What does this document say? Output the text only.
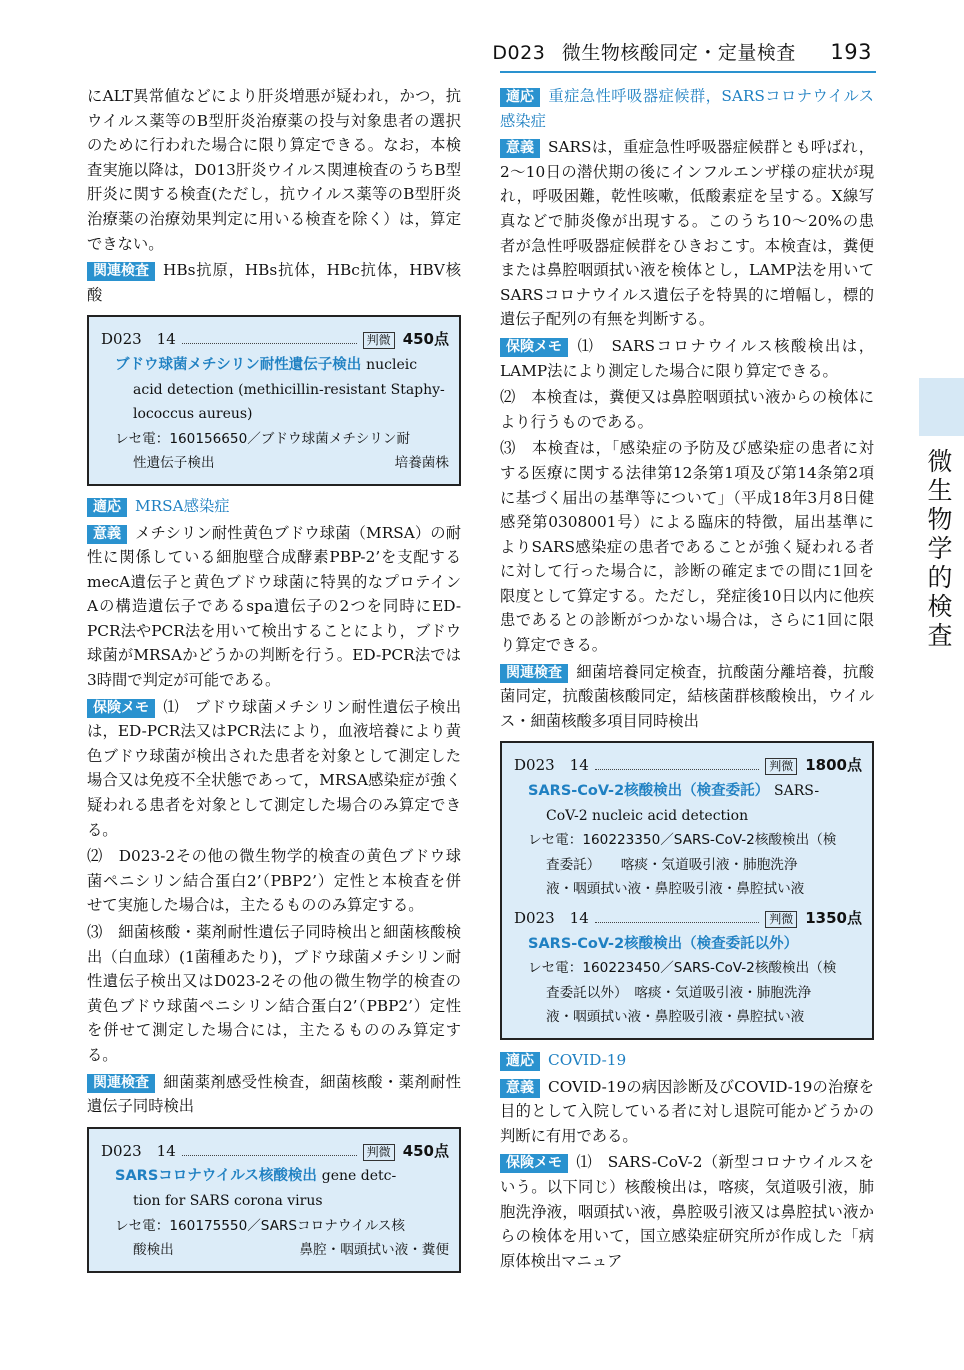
D023 微生物核酸同定・定量検査 193
微生物学的検査

にALT異常値などにより肝炎増悪が疑われ，かつ，抗ウイルス薬等のB型肝炎治療薬の投与対象患者の選択のために行われた場合に限り算定できる。なお，本検査実施以降は，D013肝炎ウイルス関連検査のうちB型肝炎に関する検査(ただし，抗ウイルス薬等のB型肝炎治療薬の治療効果判定に用いる検査を除く）は，算定できない。

関連検査 HBs抗原，HBs抗体，HBc抗体，HBV核酸

D023　14	判微 450点
ブドウ球菌メチシリン耐性遺伝子検出 nucleic
acid detection (methicillin-resistant Staphy-
lococcus aureus)
レセ電：160156650／ブドウ球菌メチシリン耐
性遺伝子検出	培養菌株

適応 MRSA感染症

意義 メチシリン耐性黄色ブドウ球菌（MRSA）の耐性に関係している細胞壁合成酵素PBP-2’を支配するmecA遺伝子と黄色ブドウ球菌に特異的なプロテインAの構造遺伝子であるspa遺伝子の2つを同時にED-PCR法やPCR法を用いて検出することにより，ブドウ球菌がMRSAかどうかの判断を行う。ED-PCR法では3時間で判定が可能である。

保険メモ ⑴　ブドウ球菌メチシリン耐性遺伝子検出は，ED-PCR法又はPCR法により，血液培養により黄色ブドウ球菌が検出された患者を対象として測定した場合又は免疫不全状態であって，MRSA感染症が強く疑われる患者を対象として測定した場合のみ算定できる。

⑵　D023-2その他の微生物学的検査の黄色ブドウ球菌ペニシリン結合蛋白2’（PBP2’）定性と本検査を併せて実施した場合は，主たるもののみ算定する。

⑶　細菌核酸・薬剤耐性遺伝子同時検出と細菌核酸検出（白血球）(1菌種あたり)，ブドウ球菌メチシリン耐性遺伝子検出又はD023-2その他の微生物学的検査の黄色ブドウ球菌ペニシリン結合蛋白2’（PBP2’）定性を併せて測定した場合には，主たるもののみ算定する。

関連検査 細菌薬剤感受性検査，細菌核酸・薬剤耐性遺伝子同時検出

D023　14	判微 450点
SARSコロナウイルス核酸検出 gene detc-
tion for SARS corona virus
レセ電：160175550／SARSコロナウイルス核
酸検出	鼻腔・咽頭拭い液・糞便

適応 重症急性呼吸器症候群，SARSコロナウイルス感染症

意義 SARSは，重症急性呼吸器症候群とも呼ばれ，2～10日の潜伏期の後にインフルエンザ様の症状が現れ，呼吸困難，乾性咳嗽，低酸素症を呈する。X線写真などで肺炎像が出現する。このうち10～20%の患者が急性呼吸器症候群をひきおこす。本検査は，糞便または鼻腔咽頭拭い液を検体とし，LAMP法を用いてSARSコロナウイルス遺伝子を特異的に増幅し，標的遺伝子配列の有無を判断する。

保険メモ ⑴　SARSコロナウイルス核酸検出は，LAMP法により測定した場合に限り算定できる。

⑵　本検査は，糞便又は鼻腔咽頭拭い液からの検体により行うものである。

⑶　本検査は，「感染症の予防及び感染症の患者に対する医療に関する法律第12条第1項及び第14条第2項に基づく届出の基準等について」（平成18年3月8日健感発第0308001号）による臨床的特徴，届出基準によりSARS感染症の患者であることが強く疑われる者に対して行った場合に，診断の確定までの間に1回を限度として算定する。ただし，発症後10日以内に他疾患であるとの診断がつかない場合は，さらに1回に限り算定できる。

関連検査 細菌培養同定検査，抗酸菌分離培養，抗酸菌同定，抗酸菌核酸同定，結核菌群核酸検出，ウイルス・細菌核酸多項目同時検出

D023　14	判微 1800点
SARS-CoV-2核酸検出（検査委託） SARS-
CoV-2 nucleic acid detection
レセ電：160223350／SARS-CoV-2核酸検出（検
査委託）　　 喀痰・気道吸引液・肺胞洗浄
液・咽頭拭い液・鼻腔吸引液・鼻腔拭い液
D023　14	判微 1350点
SARS-CoV-2核酸検出（検査委託以外）
レセ電：160223450／SARS-CoV-2核酸検出（検
査委託以外）　 喀痰・気道吸引液・肺胞洗浄
液・咽頭拭い液・鼻腔吸引液・鼻腔拭い液

適応 COVID-19

意義 COVID-19の病因診断及びCOVID-19の治療を目的として入院している者に対し退院可能かどうかの判断に有用である。

保険メモ ⑴　SARS-CoV-2（新型コロナウイルスをいう。以下同じ）核酸検出は，喀痰，気道吸引液，肺胞洗浄液，咽頭拭い液，鼻腔吸引液又は鼻腔拭い液からの検体を用いて，国立感染症研究所が作成した「病原体検出マニュア
